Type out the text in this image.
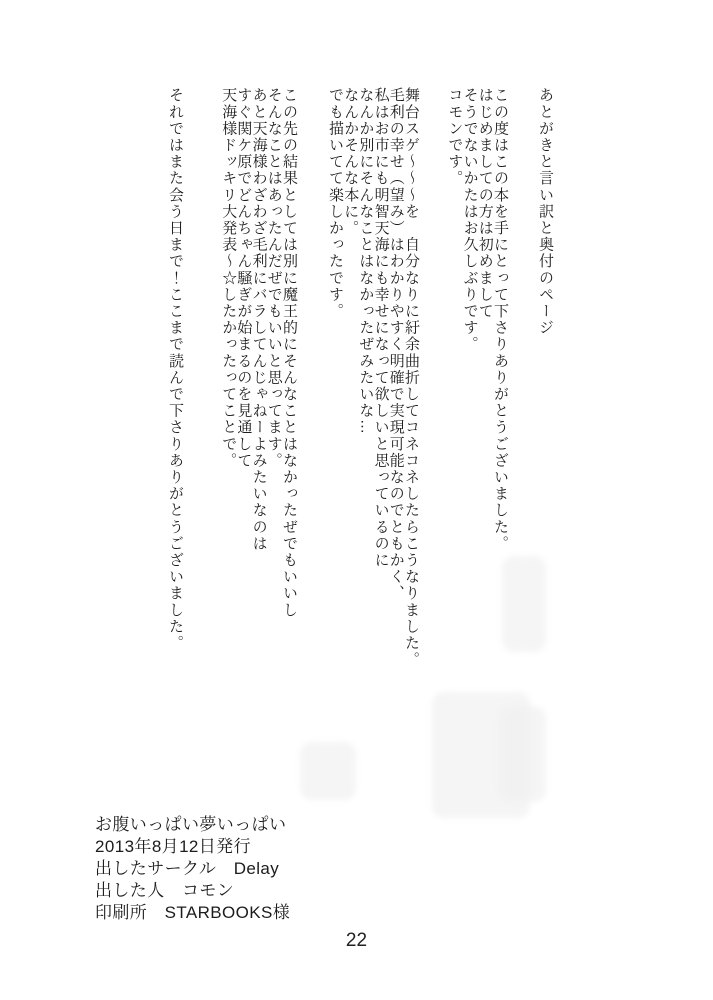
あとがきと言い訳と奥付のページ

この度はこの本を手にとって下さりありがとうございました。

はじめましての方は初めまして

そうでないかたはお久しぶりです。

コモンです。

舞台スゲ～～～を　自分なりに紆余曲折してコネコネしたらこうなりました。

毛利の幸せ（望み）はわかりやすく明確で実現可能なのでともかく、

私はお市にも明智天海にも幸せになって欲しいと思っているのに

なんか別にそんなことはなかったぜみたいな…

なんかそんな本に。

でも描いてて楽しかったです。

この先の結果としては別に魔王的にそんなことはなかったぜでもいいし

そんなことはあったんだぜでもいいと思ってます。

あと天海様わざわざ毛利にバラしてんじゃねーよみたいなのは

すぐ関ケ原でどんちゃん騒ぎが始まるのを見通して

天海様ドッキリ大発表～☆したかったってことで。

それではまた会う日まで！ここまで読んで下さりありがとうございました。

お腹いっぱい夢いっぱい
2013年8月12日発行
出したサークル　Delay
出した人　コモン
印刷所　STARBOOKS様
22
